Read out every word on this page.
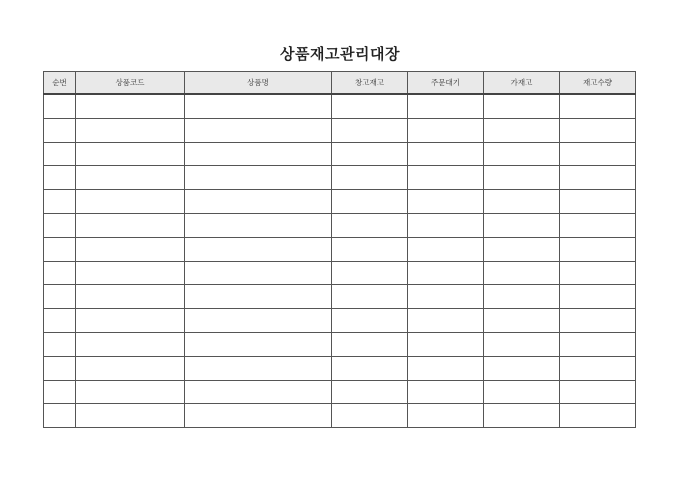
상품재고관리대장
순번	상품코드	상품명	창고재고	주문대기	가재고	재고수량
